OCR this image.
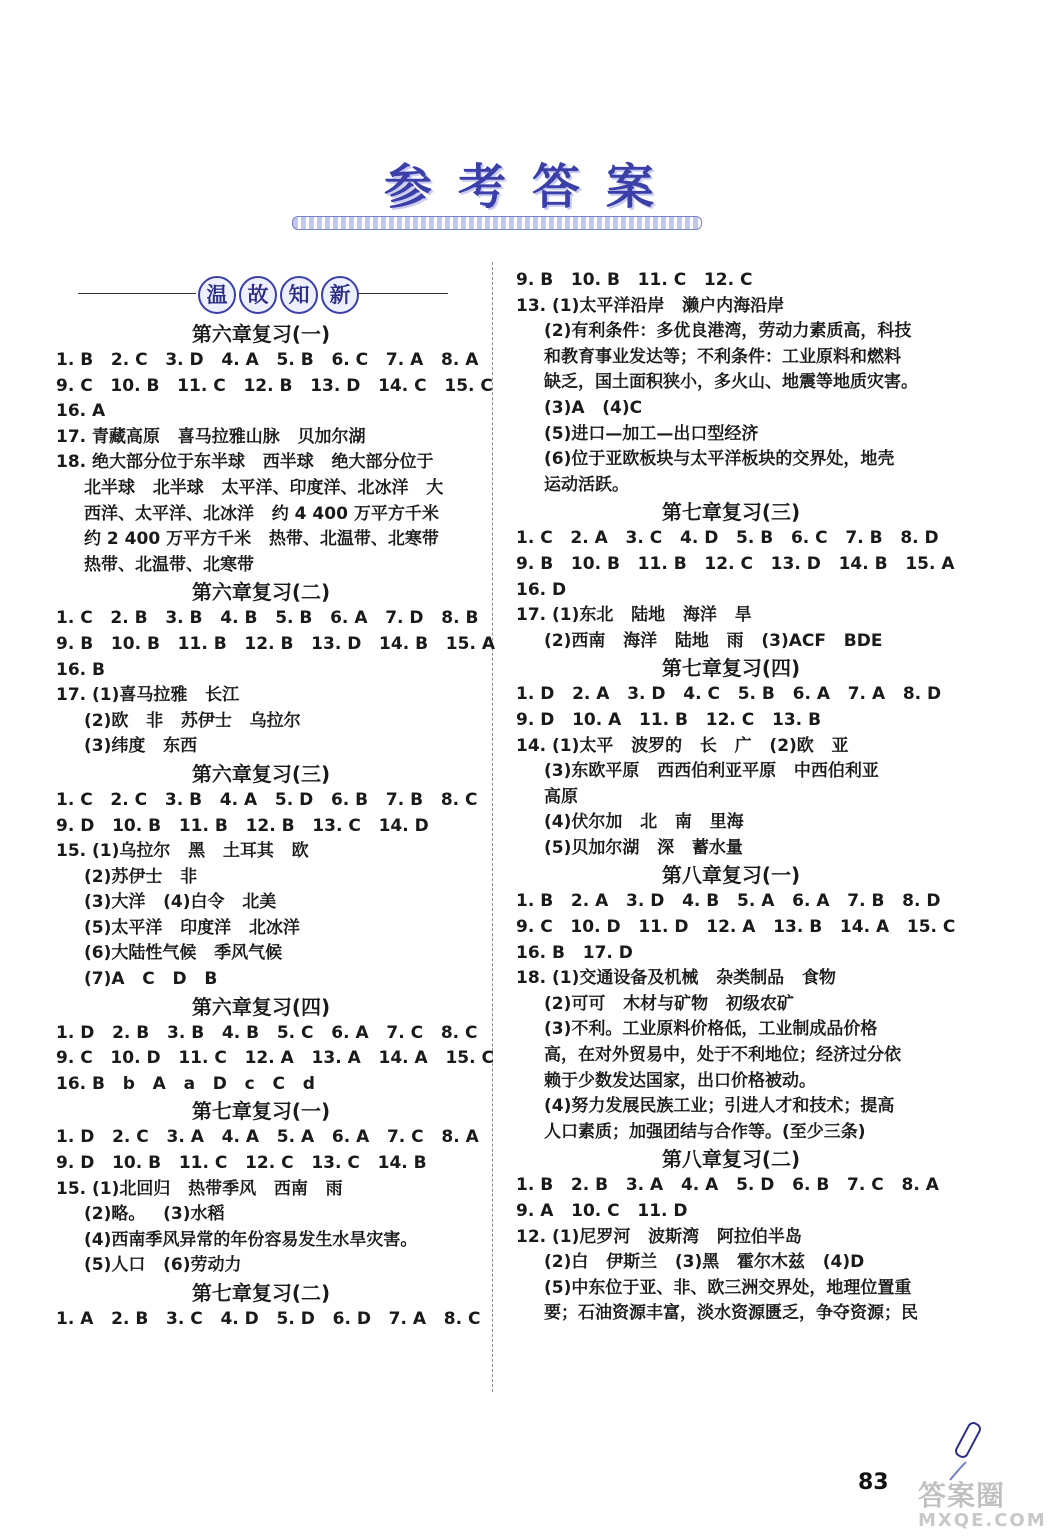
参考答案
温 故 知 新
第六章复习(一)
1. B   2. C   3. D   4. A   5. B   6. C   7. A   8. A
9. C   10. B   11. C   12. B   13. D   14. C   15. C
16. A
17. 青藏高原   喜马拉雅山脉   贝加尔湖
18. 绝大部分位于东半球   西半球   绝大部分位于
北半球   北半球   太平洋、印度洋、北冰洋   大
西洋、太平洋、北冰洋   约 4 400 万平方千米
约 2 400 万平方千米   热带、北温带、北寒带
热带、北温带、北寒带
第六章复习(二)
1. C   2. B   3. B   4. B   5. B   6. A   7. D   8. B
9. B   10. B   11. B   12. B   13. D   14. B   15. A
16. B
17. (1)喜马拉雅   长江
(2)欧   非   苏伊士   乌拉尔
(3)纬度   东西
第六章复习(三)
1. C   2. C   3. B   4. A   5. D   6. B   7. B   8. C
9. D   10. B   11. B   12. B   13. C   14. D
15. (1)乌拉尔   黑   土耳其   欧
(2)苏伊士   非
(3)大洋   (4)白令   北美
(5)太平洋   印度洋   北冰洋
(6)大陆性气候   季风气候
(7)A   C   D   B
第六章复习(四)
1. D   2. B   3. B   4. B   5. C   6. A   7. C   8. C
9. C   10. D   11. C   12. A   13. A   14. A   15. C
16. B   b   A   a   D   c   C   d
第七章复习(一)
1. D   2. C   3. A   4. A   5. A   6. A   7. C   8. A
9. D   10. B   11. C   12. C   13. C   14. B
15. (1)北回归   热带季风   西南   雨
(2)略。   (3)水稻
(4)西南季风异常的年份容易发生水旱灾害。
(5)人口   (6)劳动力
第七章复习(二)
1. A   2. B   3. C   4. D   5. D   6. D   7. A   8. C
9. B   10. B   11. C   12. C
13. (1)太平洋沿岸   濑户内海沿岸
(2)有利条件：多优良港湾，劳动力素质高，科技
和教育事业发达等；不利条件：工业原料和燃料
缺乏，国土面积狭小，多火山、地震等地质灾害。
(3)A   (4)C
(5)进口—加工—出口型经济
(6)位于亚欧板块与太平洋板块的交界处，地壳
运动活跃。
第七章复习(三)
1. C   2. A   3. C   4. D   5. B   6. C   7. B   8. D
9. B   10. B   11. B   12. C   13. D   14. B   15. A
16. D
17. (1)东北   陆地   海洋   旱
(2)西南   海洋   陆地   雨   (3)ACF   BDE
第七章复习(四)
1. D   2. A   3. D   4. C   5. B   6. A   7. A   8. D
9. D   10. A   11. B   12. C   13. B
14. (1)太平   波罗的   长   广   (2)欧   亚
(3)东欧平原   西西伯利亚平原   中西伯利亚
高原
(4)伏尔加   北   南   里海
(5)贝加尔湖   深   蓄水量
第八章复习(一)
1. B   2. A   3. D   4. B   5. A   6. A   7. B   8. D
9. C   10. D   11. D   12. A   13. B   14. A   15. C
16. B   17. D
18. (1)交通设备及机械   杂类制品   食物
(2)可可   木材与矿物   初级农矿
(3)不利。工业原料价格低，工业制成品价格
高，在对外贸易中，处于不利地位；经济过分依
赖于少数发达国家，出口价格被动。
(4)努力发展民族工业；引进人才和技术；提高
人口素质；加强团结与合作等。(至少三条)
第八章复习(二)
1. B   2. B   3. A   4. A   5. D   6. B   7. C   8. A
9. A   10. C   11. D
12. (1)尼罗河   波斯湾   阿拉伯半岛
(2)白   伊斯兰   (3)黑   霍尔木兹   (4)D
(5)中东位于亚、非、欧三洲交界处，地理位置重
要；石油资源丰富，淡水资源匮乏，争夺资源；民
83 答案圈
MXQE.COM
